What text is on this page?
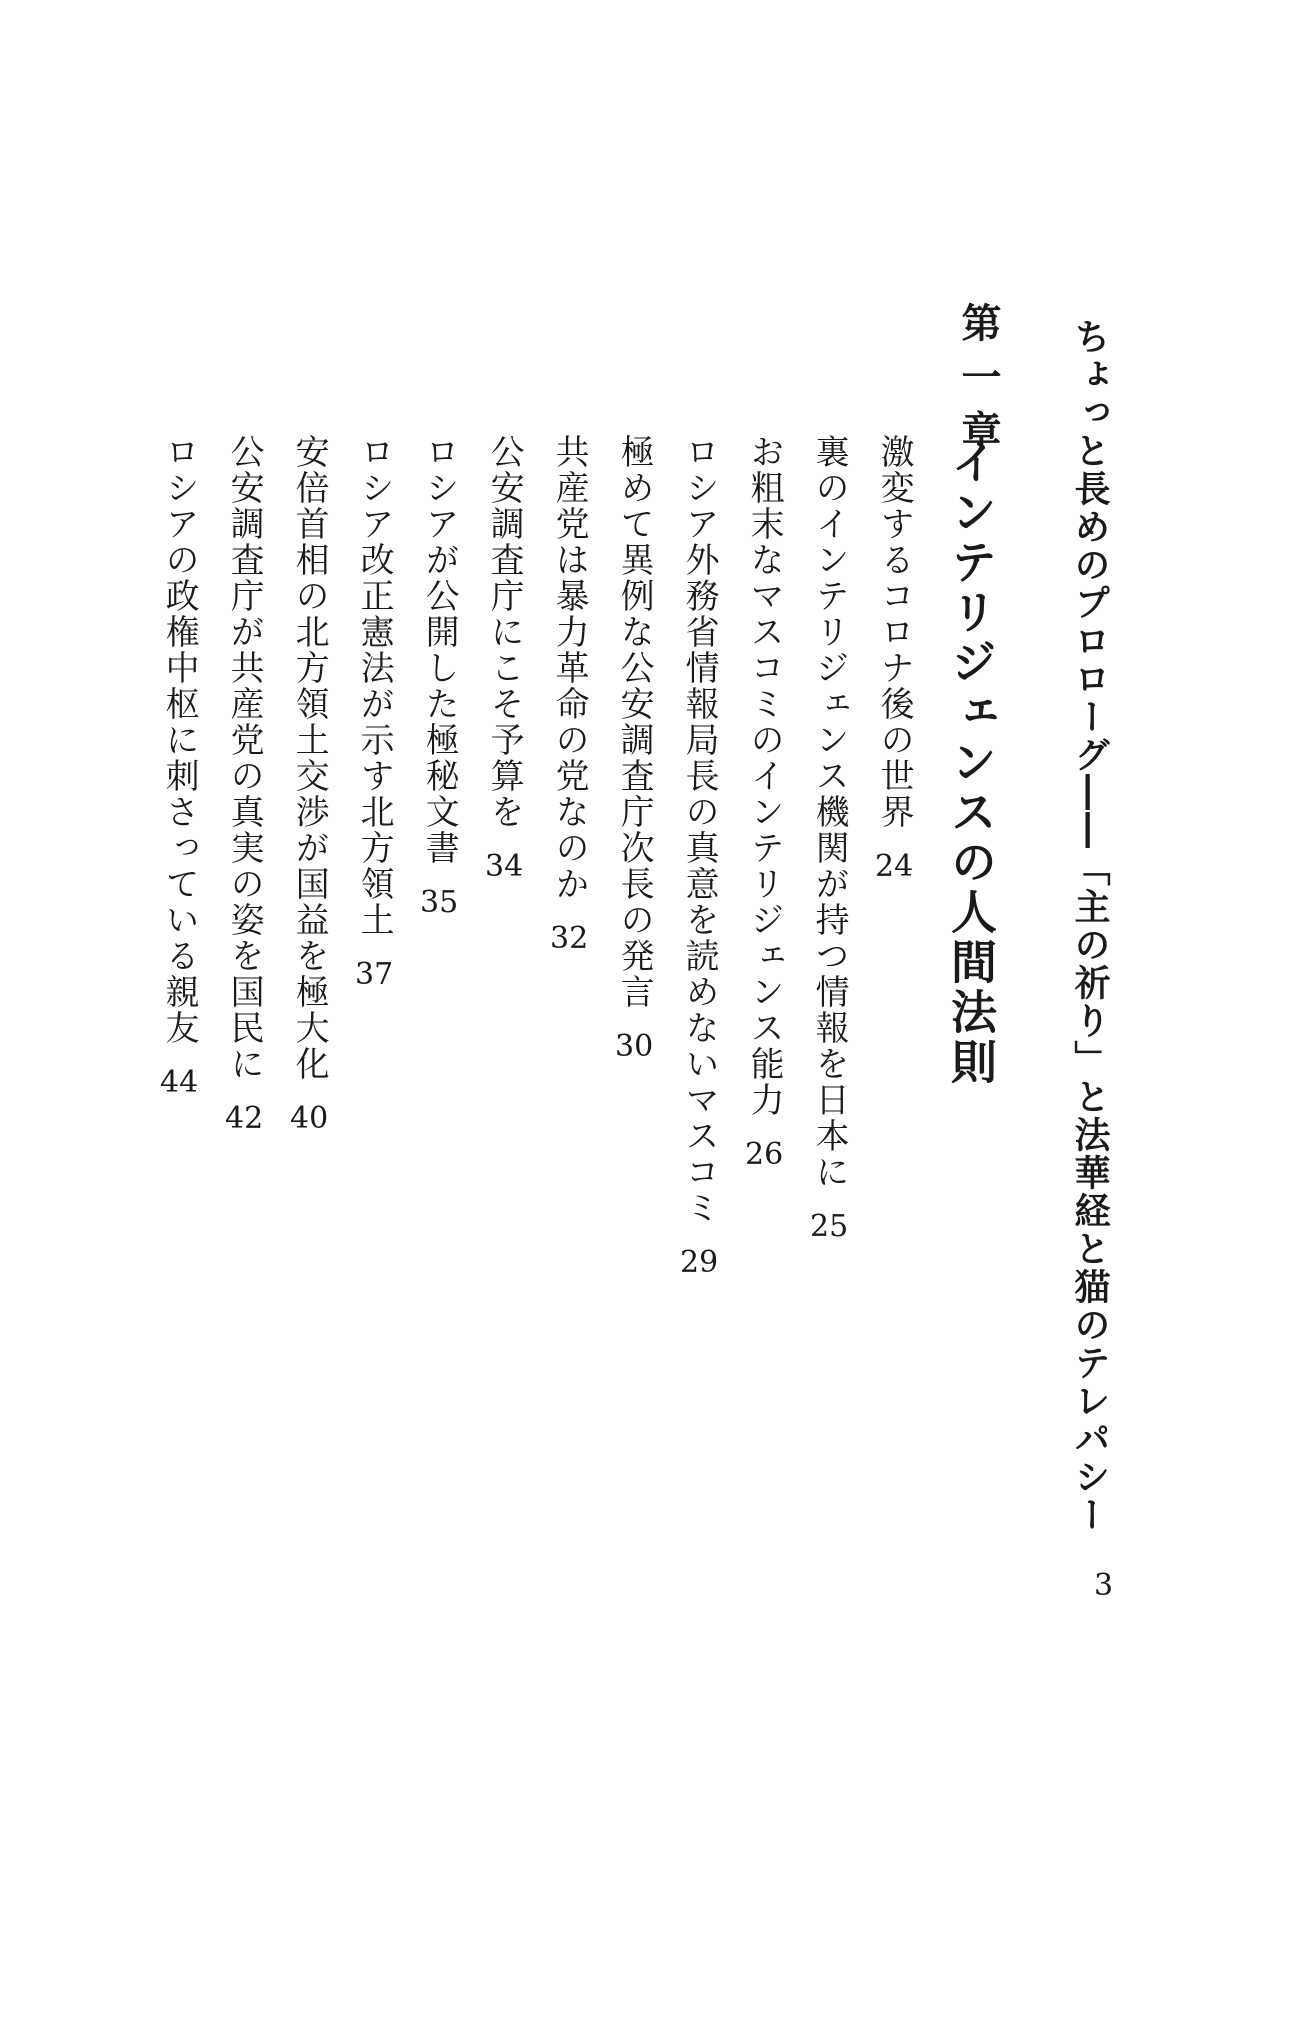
ちょっと長めのプロローグ――「主の祈り」と法華経と猫のテレパシー
3
第一章
インテリジェンスの人間法則
激変するコロナ後の世界24
裏のインテリジェンス機関が持つ情報を日本に25
お粗末なマスコミのインテリジェンス能力26
ロシア外務省情報局長の真意を読めないマスコミ29
極めて異例な公安調査庁次長の発言30
共産党は暴力革命の党なのか32
公安調査庁にこそ予算を34
ロシアが公開した極秘文書35
ロシア改正憲法が示す北方領土37
安倍首相の北方領土交渉が国益を極大化40
公安調査庁が共産党の真実の姿を国民に42
ロシアの政権中枢に刺さっている親友44
